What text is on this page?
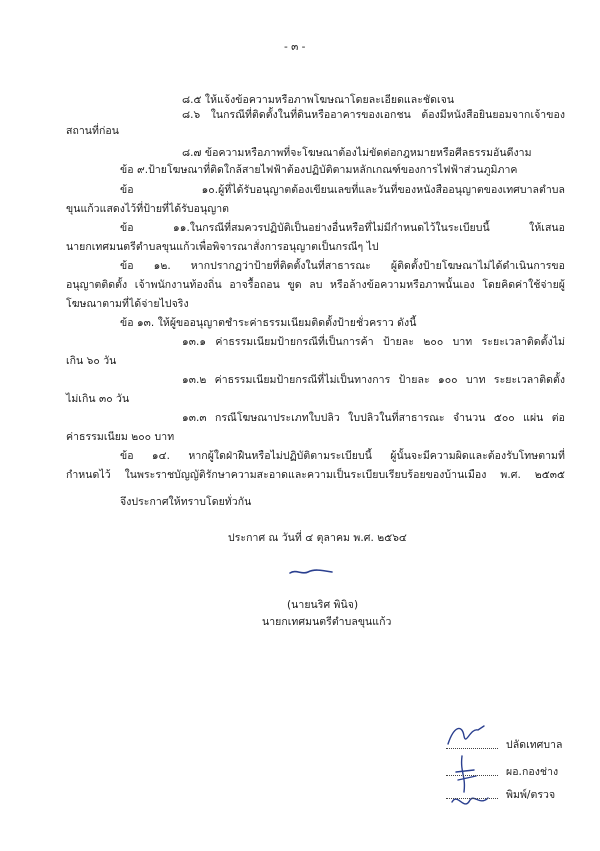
- ๓ -
๘.๕ ให้แจ้งข้อความหรือภาพโฆษณาโดยละเอียดและชัดเจน
๘.๖ ในกรณีที่ติดตั้งในที่ดินหรืออาคารของเอกชน ต้องมีหนังสือยินยอมจากเจ้าของ
สถานที่ก่อน
๘.๗ ข้อความหรือภาพที่จะโฆษณาต้องไม่ขัดต่อกฎหมายหรือศีลธรรมอันดีงาม
ข้อ ๙.ป้ายโฆษณาที่ติดใกล้สายไฟฟ้าต้องปฏิบัติตามหลักเกณฑ์ของการไฟฟ้าส่วนภูมิภาค
ข้อ ๑๐.ผู้ที่ได้รับอนุญาตต้องเขียนเลขที่และวันที่ของหนังสืออนุญาตของเทศบาลตำบล
ขุนแก้วแสดงไว้ที่ป้ายที่ได้รับอนุญาต
ข้อ ๑๑.ในกรณีที่สมควรปฏิบัติเป็นอย่างอื่นหรือที่ไม่มีกำหนดไว้ในระเบียบนี้ ให้เสนอ
นายกเทศมนตรีตำบลขุนแก้วเพื่อพิจารณาสั่งการอนุญาตเป็นกรณีๆ ไป
ข้อ ๑๒. หากปรากฏว่าป้ายที่ติดตั้งในที่สาธารณะ ผู้ติดตั้งป้ายโฆษณาไม่ได้ดำเนินการขอ
อนุญาตติดตั้ง เจ้าพนักงานท้องถิ่น อาจรื้อถอน ขูด ลบ หรือล้างข้อความหรือภาพนั้นเอง โดยคิดค่าใช้จ่ายผู้
โฆษณาตามที่ได้จ่ายไปจริง
ข้อ ๑๓. ให้ผู้ขออนุญาตชำระค่าธรรมเนียมติดตั้งป้ายชั่วคราว ดังนี้
๑๓.๑ ค่าธรรมเนียมป้ายกรณีที่เป็นการค้า ป้ายละ ๒๐๐ บาท ระยะเวลาติดตั้งไม่
เกิน ๖๐ วัน
๑๓.๒ ค่าธรรมเนียมป้ายกรณีที่ไม่เป็นทางการ ป้ายละ ๑๐๐ บาท ระยะเวลาติดตั้ง
ไม่เกิน ๓๐ วัน
๑๓.๓ กรณีโฆษณาประเภทใบปลิว ใบปลิวในที่สาธารณะ จำนวน ๕๐๐ แผ่น ต่อ
ค่าธรรมเนียม ๒๐๐ บาท
ข้อ ๑๔. หากผู้ใดฝ่าฝืนหรือไม่ปฏิบัติตามระเบียบนี้ ผู้นั้นจะมีความผิดและต้องรับโทษตามที่
กำหนดไว้ ในพระราชบัญญัติรักษาความสะอาดและความเป็นระเบียบเรียบร้อยของบ้านเมือง พ.ศ. ๒๕๓๕
จึงประกาศให้ทราบโดยทั่วกัน
ประกาศ ณ วันที่ ๔ ตุลาคม พ.ศ. ๒๕๖๔
(นายนริศ พินิจ)
นายกเทศมนตรีตำบลขุนแก้ว
ปลัดเทศบาล
ผอ.กองช่าง
พิมพ์/ตรวจ
